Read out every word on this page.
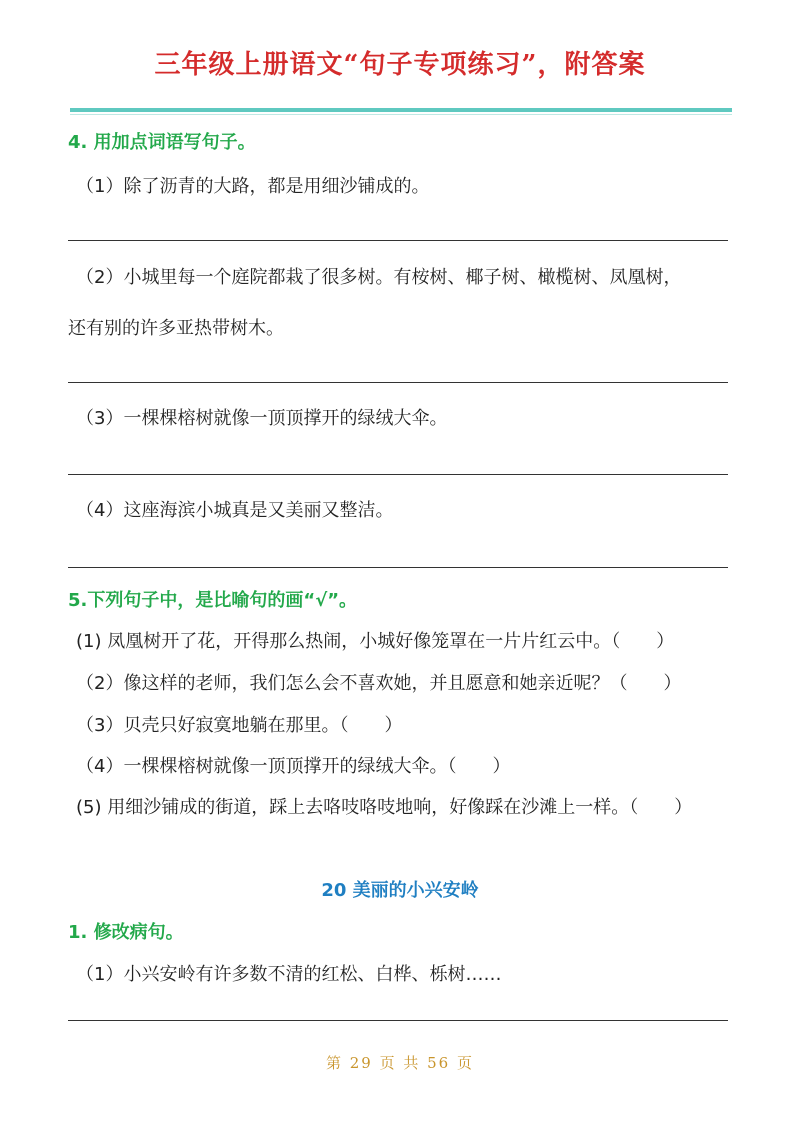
三年级上册语文“句子专项练习”，附答案
4. 用加点词语写句子。
（1）除了沥青的大路，都是用细沙铺成的。
（2）小城里每一个庭院都栽了很多树。有桉树、椰子树、橄榄树、凤凰树，
还有别的许多亚热带树木。
（3）一棵棵榕树就像一顶顶撑开的绿绒大伞。
（4）这座海滨小城真是又美丽又整洁。
5.下列句子中，是比喻句的画“√”。
(1) 凤凰树开了花，开得那么热闹，小城好像笼罩在一片片红云中。（　　）
（2）像这样的老师，我们怎么会不喜欢她，并且愿意和她亲近呢？（　　）
（3）贝壳只好寂寞地躺在那里。（　　）
（4）一棵棵榕树就像一顶顶撑开的绿绒大伞。（　　）
(5) 用细沙铺成的街道，踩上去咯吱咯吱地响，好像踩在沙滩上一样。（　　）
20 美丽的小兴安岭
1. 修改病句。
（1）小兴安岭有许多数不清的红松、白桦、栎树……
第 29 页 共 56 页
